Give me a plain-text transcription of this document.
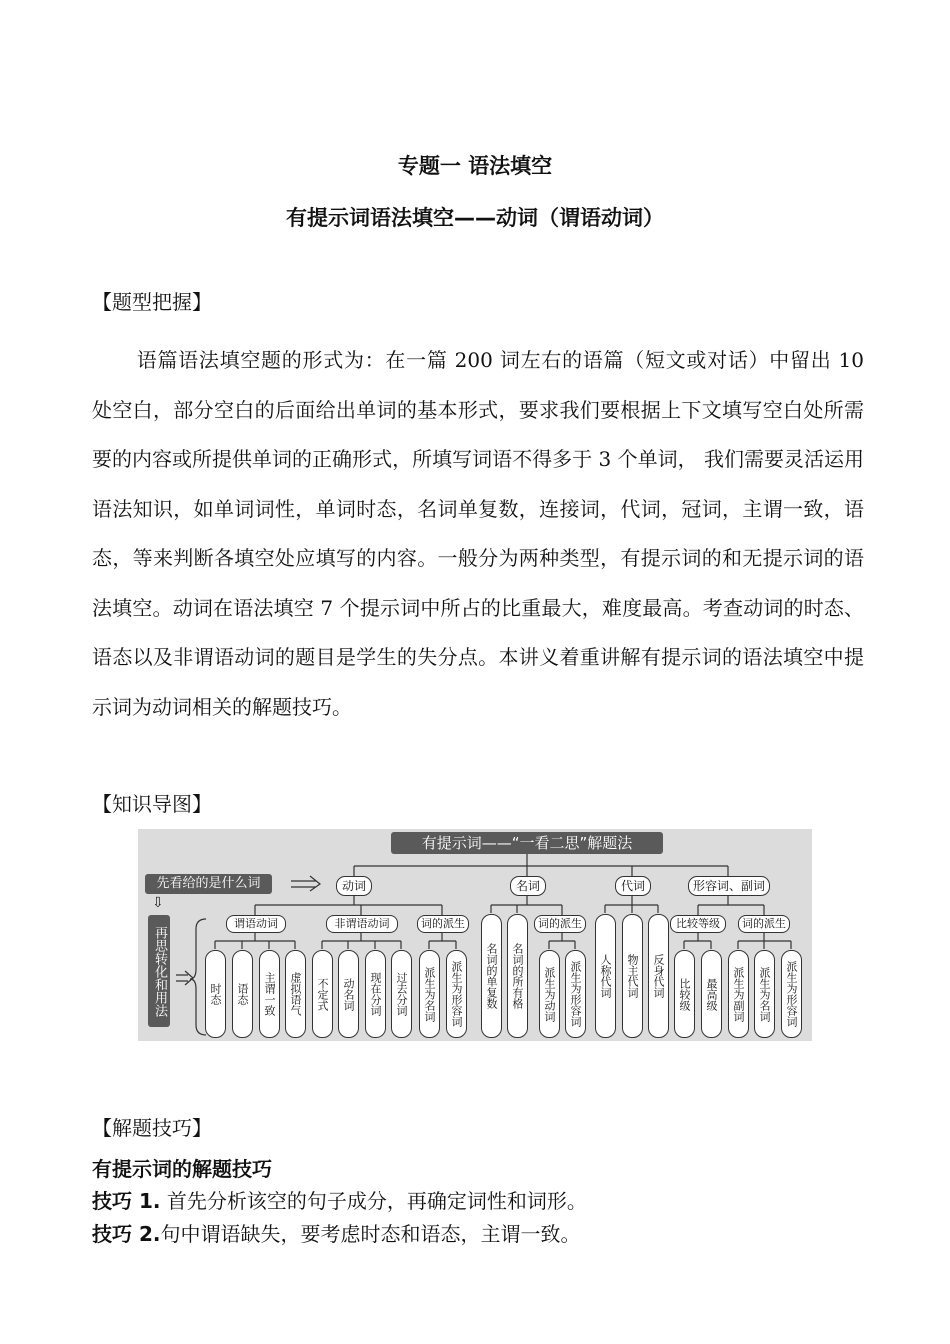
专题一 语法填空
有提示词语法填空——动词（谓语动词）
【题型把握】
语篇语法填空题的形式为：在一篇 200 词左右的语篇（短文或对话）中留出 10 处空白，部分空白的后面给出单词的基本形式，要求我们要根据上下文填写空白处所需要的内容或所提供单词的正确形式，所填写词语不得多于 3 个单词， 我们需要灵活运用语法知识，如单词词性，单词时态，名词单复数，连接词，代词，冠词，主谓一致，语态，等来判断各填空处应填写的内容。一般分为两种类型，有提示词的和无提示词的语法填空。动词在语法填空 7 个提示词中所占的比重最大，难度最高。考查动词的时态、语态以及非谓语动词的题目是学生的失分点。本讲义着重讲解有提示词的语法填空中提示词为动词相关的解题技巧。
【知识导图】
有提示词——“一看二思”解题法
先看给的是什么词
⇩
再思转化和用法
动词	名词	代词	形容词、副词
谓语动词	非谓语动词	词的派生	词的派生	比较等级	词的派生
时态	语态	主谓一致	虚拟语气	不定式	动名词	现在分词	过去分词	派生为名词	派生为形容词	名词的单复数	名词的所有格	派生为动词	派生为形容词	人称代词	物主代词	反身代词	比较级	最高级	派生为副词	派生为名词	派生为形容词
【解题技巧】
有提示词的解题技巧
技巧 1. 首先分析该空的句子成分，再确定词性和词形。
技巧 2.句中谓语缺失，要考虑时态和语态，主谓一致。
